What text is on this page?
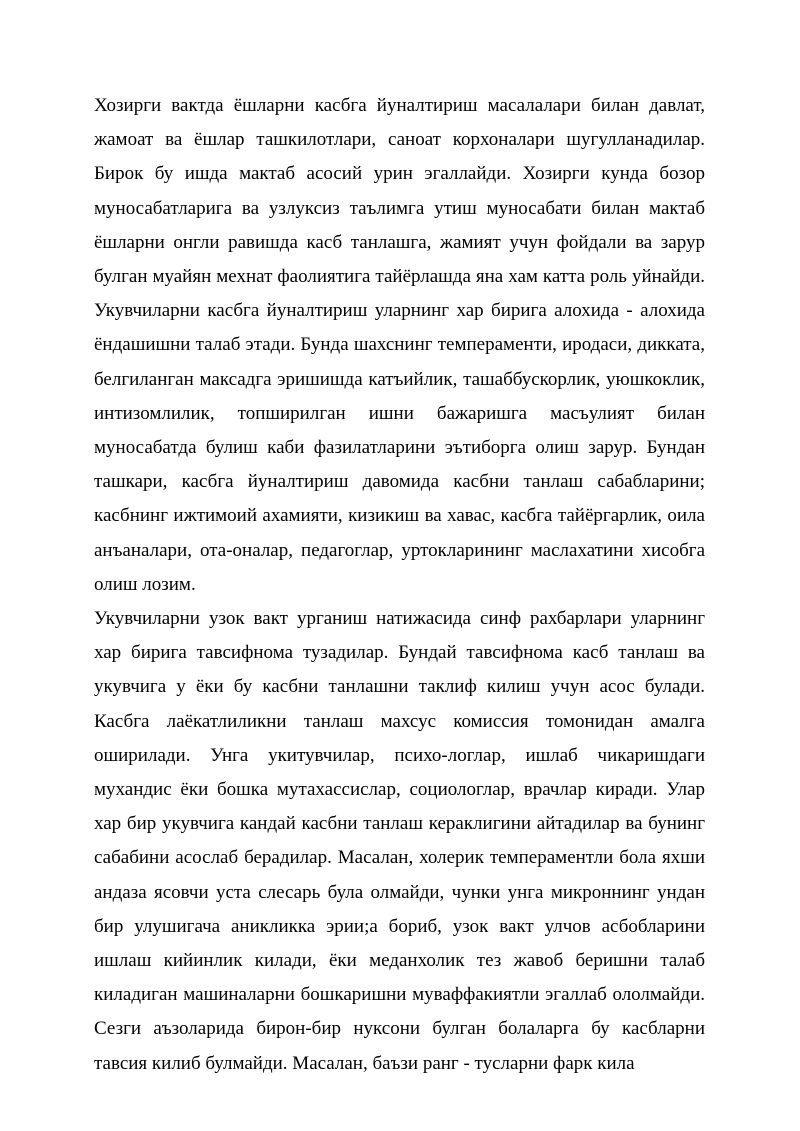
Хозирги вактда ёшларни касбга йуналтириш масалалари билан давлат, жамоат ва ёшлар ташкилотлари, саноат корхоналари шугулланадилар. Бирок бу ишда мактаб асосий урин эгаллайди. Хозирги кунда бозор муносабатларига ва узлуксиз таълимга утиш муносабати билан мактаб ёшларни онгли равишда касб танлашга, жамият учун фойдали ва зарур булган муайян мехнат фаолиятига тайёрлашда яна хам катта роль уйнайди. Укувчиларни касбга йуналтириш уларнинг хар бирига алохида - алохида ёндашишни талаб этади. Бунда шахснинг темпераменти, иродаси, дикката, белгиланган максадга эришишда катъийлик, ташаббускорлик, уюшкоклик, интизомлилик, топширилган ишни бажаришга масъулият билан муносабатда булиш каби фазилатларини эътиборга олиш зарур. Бундан ташкари, касбга йуналтириш давомида касбни танлаш сабабларини; касбнинг ижтимоий ахамияти, кизикиш ва хавас, касбга тайёргарлик, оила анъаналари, ота-оналар, педагоглар, уртокларининг маслахатини хисобга олиш лозим.

Укувчиларни узок вакт урганиш натижасида синф рахбарлари уларнинг хар бирига тавсифнома тузадилар. Бундай тавсифнома касб танлаш ва укувчига у ёки бу касбни танлашни таклиф килиш учун асос булади. Касбга лаёкатлиликни танлаш махсус комиссия томонидан амалга оширилади. Унга укитувчилар, психо-логлар, ишлаб чикаришдаги мухандис ёки бошка мутахассислар, социологлар, врачлар киради. Улар хар бир укувчига кандай касбни танлаш кераклигини айтадилар ва бунинг сабабини асослаб берадилар. Масалан, холерик темпераментли бола яхши андаза ясовчи уста слесарь була олмайди, чунки унга микроннинг ундан бир улушигача аникликка эрии;а бориб, узок вакт улчов асбобларини ишлаш кийинлик килади, ёки меданхолик тез жавоб беришни талаб киладиган машиналарни бошкаришни муваффакиятли эгаллаб ололмайди. Сезги аъзоларида бирон-бир нуксони булган болаларга бу касбларни тавсия килиб булмайди. Масалан, баъзи ранг - тусларни фарк кила
